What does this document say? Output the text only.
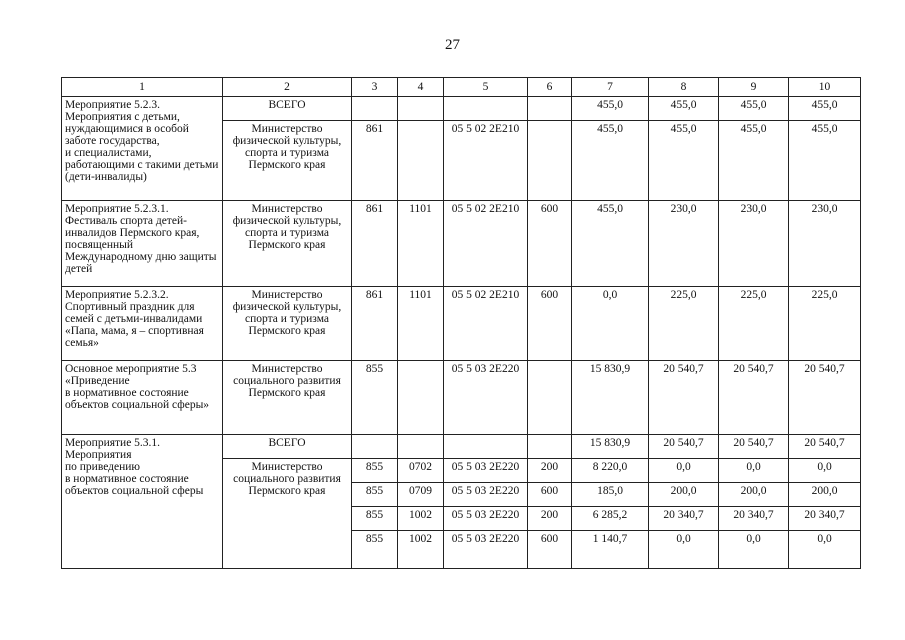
27
1	2	3	4	5	6	7	8	9	10
Мероприятие 5.2.3.
Мероприятия с детьми, нуждающимися в особой заботе государства,
и специалистами, работающими с такими детьми (дети-инвалиды)	ВСЕГО					455,0	455,0	455,0	455,0
	Министерство физической культуры, спорта и туризма Пермского края	861		05 5 02 2Е210		455,0	455,0	455,0	455,0
Мероприятие 5.2.3.1.
Фестиваль спорта детей-инвалидов Пермского края, посвященный Международному дню защиты детей	Министерство физической культуры, спорта и туризма Пермского края	861	1101	05 5 02 2Е210	600	455,0	230,0	230,0	230,0
Мероприятие 5.2.3.2.
Спортивный праздник для семей с детьми-инвалидами «Папа, мама, я – спортивная семья»	Министерство физической культуры, спорта и туризма Пермского края	861	1101	05 5 02 2Е210	600	0,0	225,0	225,0	225,0
Основное мероприятие 5.3 «Приведение
в нормативное состояние объектов социальной сферы»	Министерство социального развития Пермского края	855		05 5 03 2Е220		15 830,9	20 540,7	20 540,7	20 540,7
Мероприятие 5.3.1.
Мероприятия
по приведению
в нормативное состояние объектов социальной сферы	ВСЕГО					15 830,9	20 540,7	20 540,7	20 540,7
	Министерство социального развития Пермского края	855	0702	05 5 03 2Е220	200	8 220,0	0,0	0,0	0,0
		855	0709	05 5 03 2Е220	600	185,0	200,0	200,0	200,0
		855	1002	05 5 03 2Е220	200	6 285,2	20 340,7	20 340,7	20 340,7
		855	1002	05 5 03 2Е220	600	1 140,7	0,0	0,0	0,0
